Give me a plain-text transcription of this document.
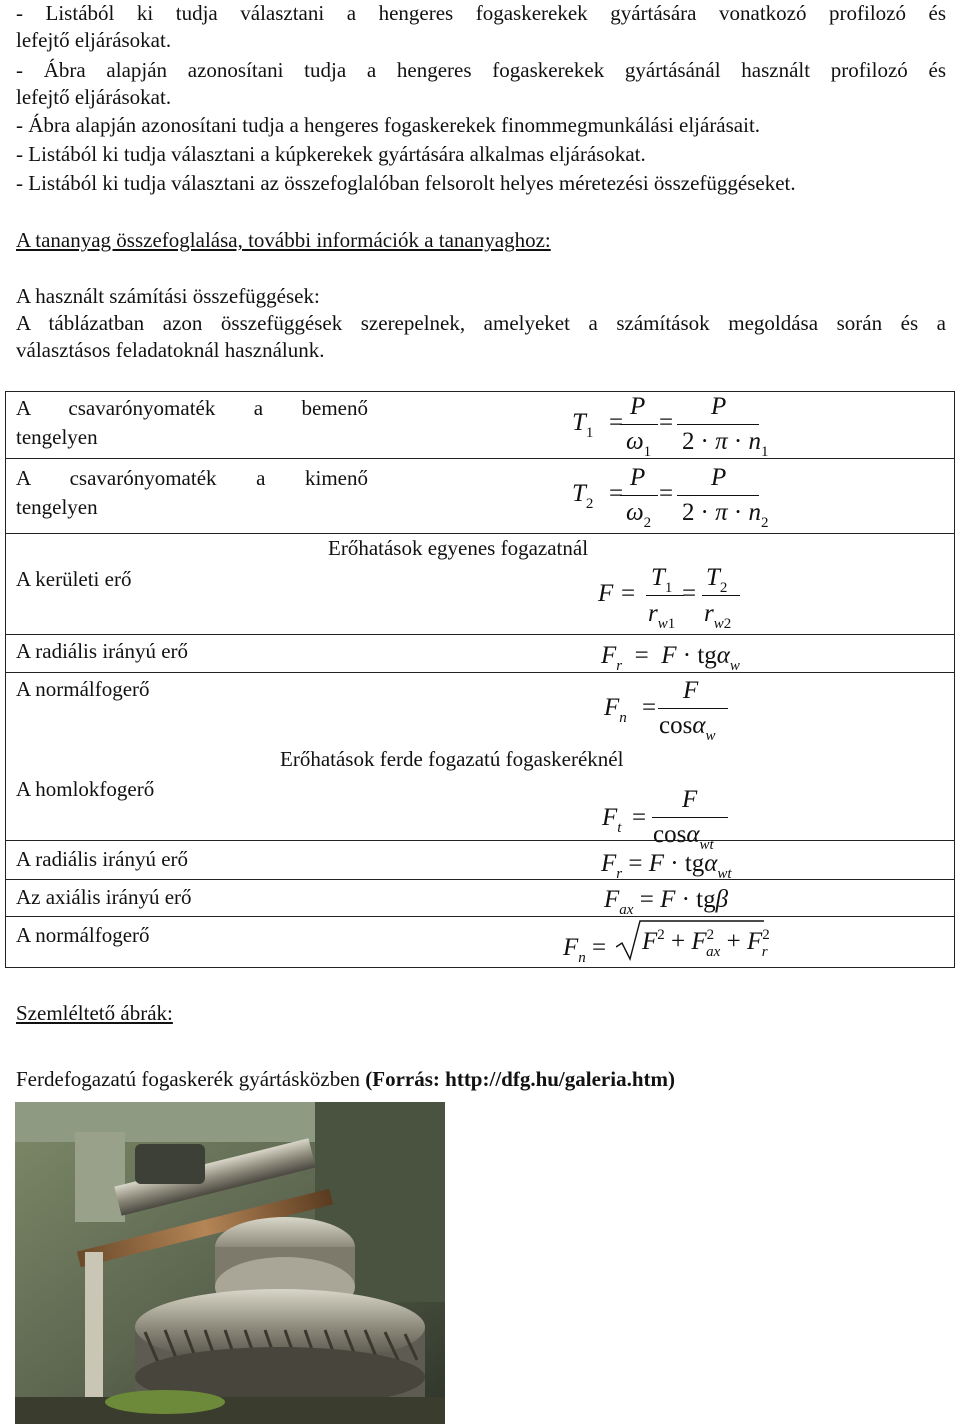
- Listából ki tudja választani a hengeres fogaskerekek gyártására vonatkozó profilozó és
lefejtő eljárásokat.
- Ábra alapján azonosítani tudja a hengeres fogaskerekek gyártásánál használt profilozó és
lefejtő eljárásokat.
- Ábra alapján azonosítani tudja a hengeres fogaskerekek finommegmunkálási eljárásait.
- Listából ki tudja választani a kúpkerekek gyártására alkalmas eljárásokat.
- Listából ki tudja választani az összefoglalóban felsorolt helyes méretezési összefüggéseket.
A tananyag összefoglalása, további információk a tananyaghoz:
A használt számítási összefüggések:
A táblázatban azon összefüggések szerepelnek, amelyeket a számítások megoldása során és a
választásos feladatoknál használunk.
A csavarónyomaték a bemenő
tengelyen
A csavarónyomaték a kimenő
tengelyen
Erőhatások egyenes fogazatnál
A kerületi erő
A radiális irányú erő
A normálfogerő
Erőhatások ferde fogazatú fogaskeréknél
A homlokfogerő
A radiális irányú erő
Az axiális irányú erő
A normálfogerő
$T_1$ =
P
$\omega_1$
=
P
$2 \cdot \pi \cdot n_1$
$T_2$ =
P
$\omega_2$
=
P
$2 \cdot \pi \cdot n_2$
F =
$T_1$
$r_{w1}$
=
$T_2$
$r_{w2}$
$F_r = F \cdot tg\alpha_w$
$F_n$ =
F
cosα$_w$
$F_t$ =
F
cosα$_{wt}$
$F_r = F \cdot tg\alpha_{wt}$
$F_{ax} = F \cdot tg\beta$
$F_n = F^2 + F^2_{ax} + F^2_r$
Szemléltető ábrák:
Ferdefogazatú fogaskerék gyártásközben (Forrás: http://dfg.hu/galeria.htm)
